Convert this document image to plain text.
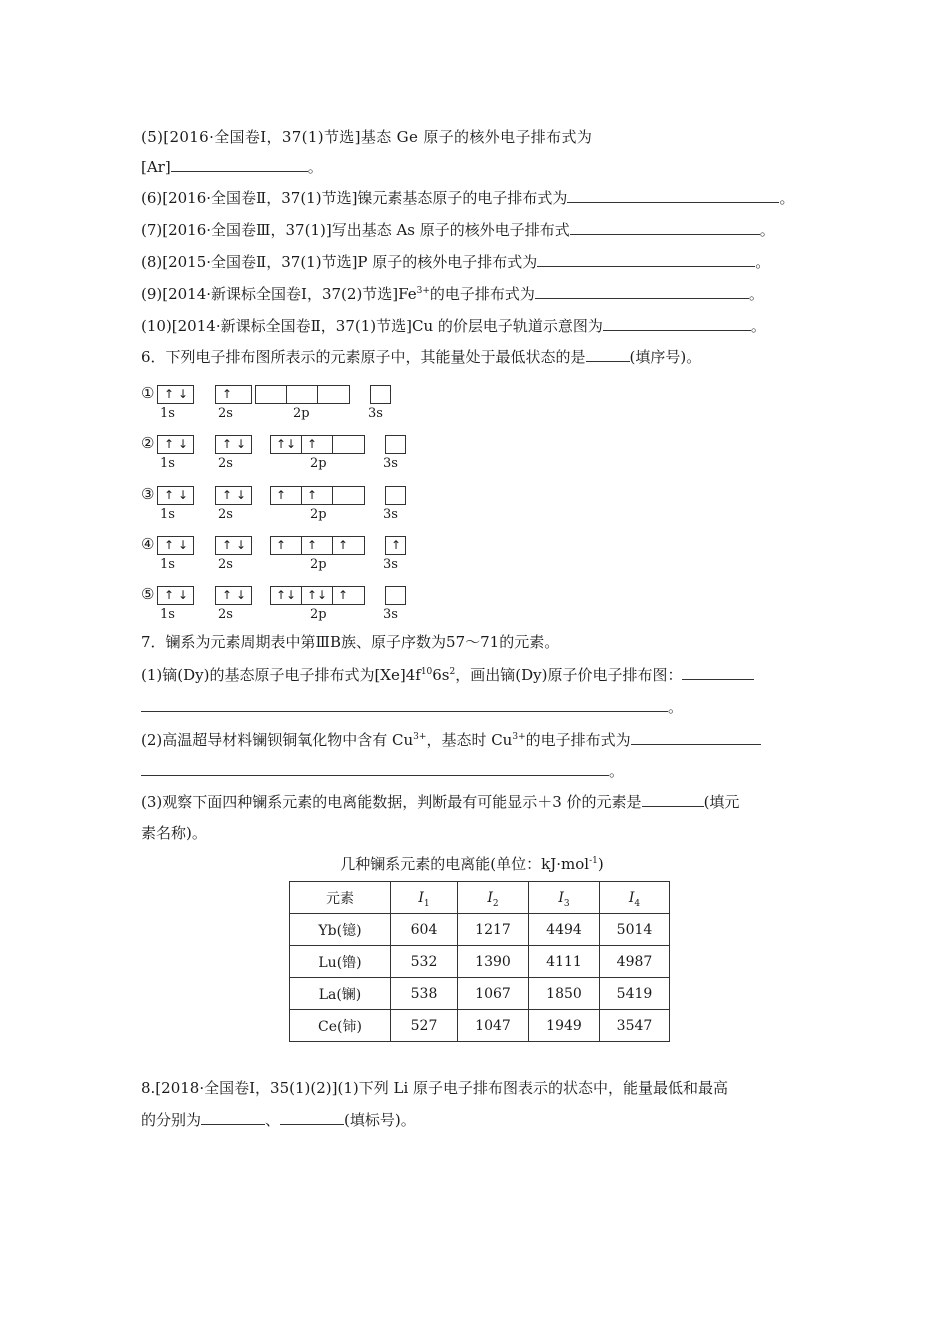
(5)[2016·全国卷Ⅰ，37(1)节选]基态 Ge 原子的核外电子排布式为
[Ar]	。
(6)[2016·全国卷Ⅱ，37(1)节选]镍元素基态原子的电子排布式为	。
(7)[2016·全国卷Ⅲ，37(1)]写出基态 As 原子的核外电子排布式	。
(8)[2015·全国卷Ⅱ，37(1)节选]P 原子的核外电子排布式为	。
(9)[2014·新课标全国卷Ⅰ，37(2)节选]$Fe^{3+}$的电子排布式为	。
(10)[2014·新课标全国卷Ⅱ，37(1)节选]Cu 的价层电子轨道示意图为	。
6．下列电子排布图所表示的元素原子中，其能量处于最低状态的是	(填序号)。
① ↑ ↓
1s
↑
2s	2p	3s
② ↑ ↓
1s
↑ ↓
2s
↑↓ ↑
2p	3s
③ ↑ ↓
1s
↑ ↓
2s
↑ ↑
2p	3s
④ ↑ ↓
1s
↑ ↓
2s
↑ ↑ ↑
2p
↑
3s
⑤ ↑ ↓
1s
↑ ↓
2s
↑↓ ↑↓ ↑
2p	3s
7．镧系为元素周期表中第ⅢB族、原子序数为57～71的元素。
(1)镝(Dy)的基态原子电子排布式为$[Xe]4f^{10}6s^2$，画出镝(Dy)原子价电子排布图：
。
(2)高温超导材料镧钡铜氧化物中含有 $Cu^{3+}$，基态时 $Cu^{3+}$的电子排布式为
。
(3)观察下面四种镧系元素的电离能数据，判断最有可能显示＋3 价的元素是	(填元
素名称)。
几种镧系元素的电离能(单位：kJ·mol$^{-1}$)
元素	$I_1$	$I_2$	$I_3$	$I_4$
Yb(镱)	604	1217	4494	5014
Lu(镥)	532	1390	4111	4987
La(镧)	538	1067	1850	5419
Ce(铈)	527	1047	1949	3547
8.[2018·全国卷Ⅰ，35(1)(2)](1)下列 Li 原子电子排布图表示的状态中，能量最低和最高
的分别为	、	(填标号)。
